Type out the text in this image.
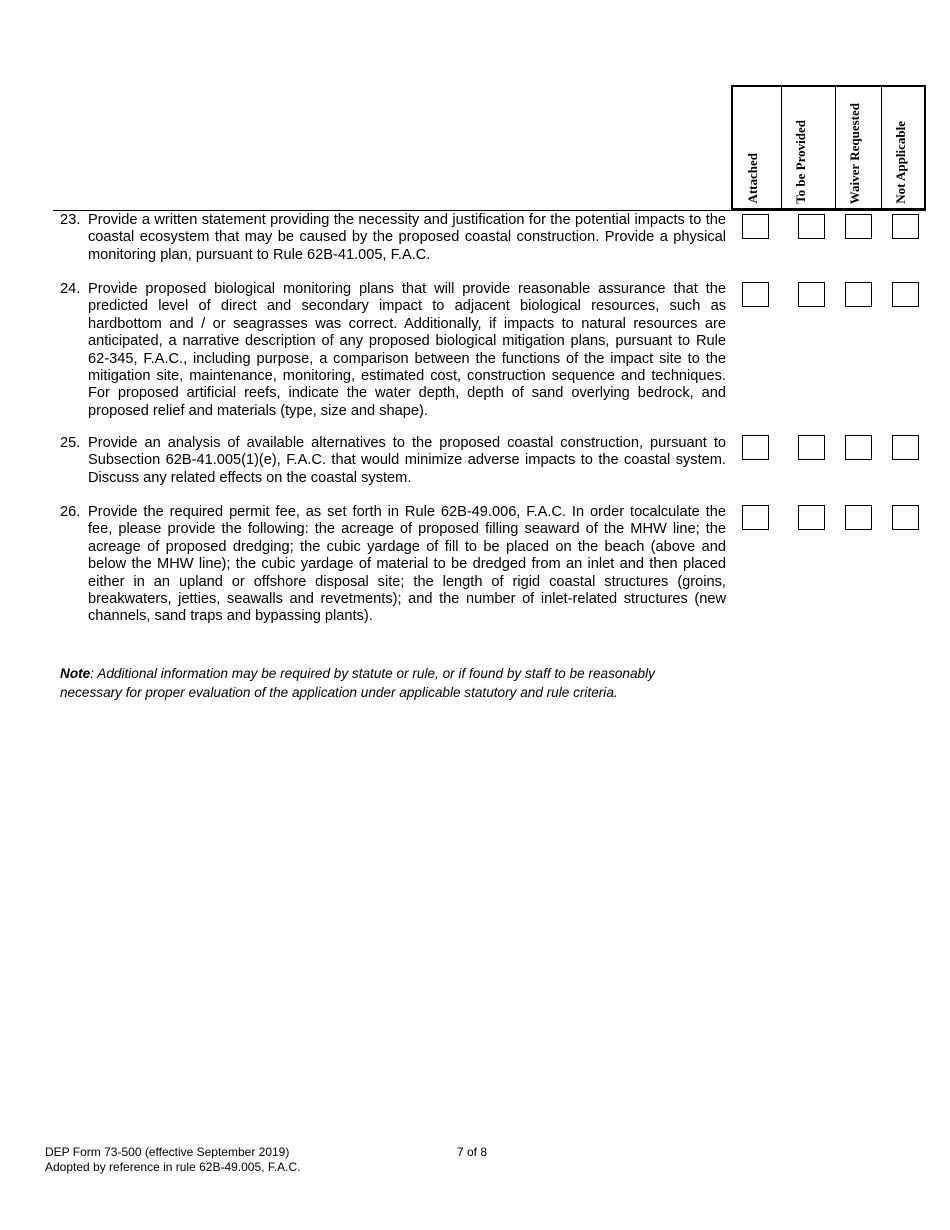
Attached	To be Provided	Waiver Requested Not Applicable
23. Provide a written statement providing the necessity and justification for the potential impacts to the coastal ecosystem that may be caused by the proposed coastal construction. Provide a physical monitoring plan, pursuant to Rule 62B-41.005, F.A.C.
24. Provide proposed biological monitoring plans that will provide reasonable assurance that the predicted level of direct and secondary impact to adjacent biological resources, such as hardbottom and / or seagrasses was correct. Additionally, if impacts to natural resources are anticipated, a narrative description of any proposed biological mitigation plans, pursuant to Rule 62-345, F.A.C., including purpose, a comparison between the functions of the impact site to the mitigation site, maintenance, monitoring, estimated cost, construction sequence and techniques. For proposed artificial reefs, indicate the water depth, depth of sand overlying bedrock, and proposed relief and materials (type, size and shape).
25. Provide an analysis of available alternatives to the proposed coastal construction, pursuant to Subsection 62B-41.005(1)(e), F.A.C. that would minimize adverse impacts to the coastal system. Discuss any related effects on the coastal system.
26. Provide the required permit fee, as set forth in Rule 62B-49.006, F.A.C. In order tocalculate the fee, please provide the following: the acreage of proposed filling seaward of the MHW line; the acreage of proposed dredging; the cubic yardage of fill to be placed on the beach (above and below the MHW line); the cubic yardage of material to be dredged from an inlet and then placed either in an upland or offshore disposal site; the length of rigid coastal structures (groins, breakwaters, jetties, seawalls and revetments); and the number of inlet-related structures (new channels, sand traps and bypassing plants).
Note: Additional information may be required by statute or rule, or if found by staff to be reasonably necessary for proper evaluation of the application under applicable statutory and rule criteria.
DEP Form 73-500 (effective September 2019)
Adopted by reference in rule 62B-49.005, F.A.C.
7 of 8
